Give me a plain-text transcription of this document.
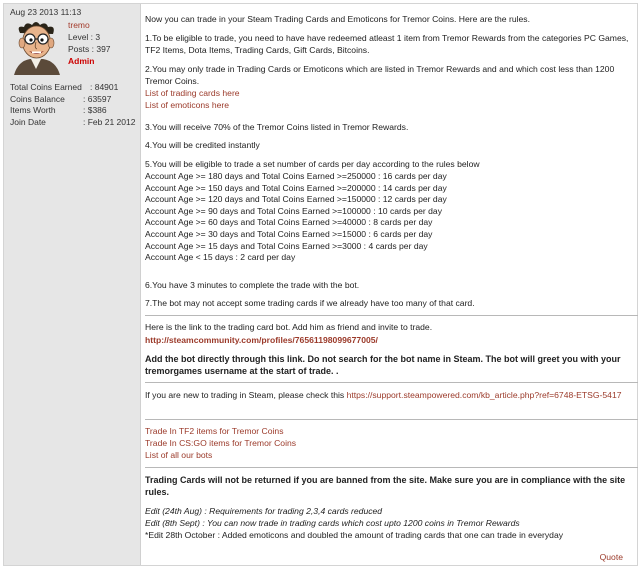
Aug 23 2013 11:13
tremo
Level : 3
Posts : 397
Admin
Total Coins Earned : 84901
Coins Balance : 63597
Items Worth	: $386
Join Date	: Feb 21 2012

Now you can trade in your Steam Trading Cards and Emoticons for Tremor Coins. Here are the rules.

1.To be eligible to trade, you need to have have redeemed atleast 1 item from Tremor Rewards from the categories PC Games, TF2 Items, Dota Items, Trading Cards, Gift Cards, Bitcoins.

2.You may only trade in Trading Cards or Emoticons which are listed in Tremor Rewards and and which cost less than 1200 Tremor Coins.

List of trading cards here

List of emoticons here

3.You will receive 70% of the Tremor Coins listed in Tremor Rewards.

4.You will be credited instantly

5.You will be eligible to trade a set number of cards per day according to the rules below

Account Age >= 180 days and Total Coins Earned >=250000 : 16 cards per day

Account Age >= 150 days and Total Coins Earned >=200000 : 14 cards per day

Account Age >= 120 days and Total Coins Earned >=150000 : 12 cards per day

Account Age >= 90 days and Total Coins Earned >=100000 : 10 cards per day

Account Age >= 60 days and Total Coins Earned >=40000 : 8 cards per day

Account Age >= 30 days and Total Coins Earned >=15000 : 6 cards per day

Account Age >= 15 days and Total Coins Earned >=3000 : 4 cards per day

Account Age < 15 days : 2 card per day

6.You have 3 minutes to complete the trade with the bot.

7.The bot may not accept some trading cards if we already have too many of that card.

Here is the link to the trading card bot. Add him as friend and invite to trade.

http://steamcommunity.com/profiles/76561198099677005/

Add the bot directly through this link. Do not search for the bot name in Steam. The bot will greet you with your tremorgames username at the start of trade. .

If you are new to trading in Steam, please check this https://support.steampowered.com/kb_article.php?ref=6748-ETSG-5417

Trade In TF2 items for Tremor Coins

Trade In CS:GO items for Tremor Coins

List of all our bots

Trading Cards will not be returned if you are banned from the site. Make sure you are in compliance with the site rules.

Edit (24th Aug) : Requirements for trading 2,3,4 cards reduced

Edit (8th Sept) : You can now trade in trading cards which cost upto 1200 coins in Tremor Rewards

*Edit 28th October : Added emoticons and doubled the amount of trading cards that one can trade in everyday

Quote
